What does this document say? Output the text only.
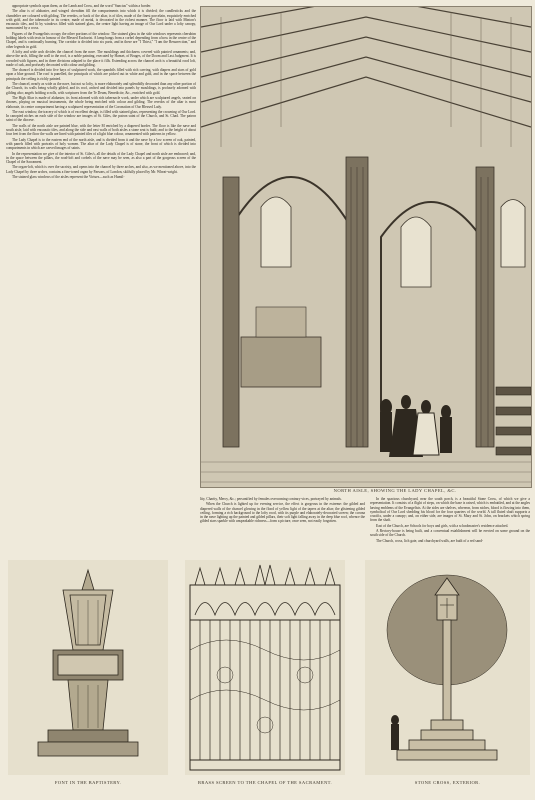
appropriate symbols upon them, as the Lamb and Cross, and the word "Sanctus" within a border.

The altar is of alabaster, and winged cherubim fill the compartments into which it is divided; the candlesticks and the chandelier are coloured with gilding. The reredos, or back of the altar, is of tiles, made of the finest porcelain, exquisitely enriched with gold, and the tabernacle in its centre, made of metal, is decorated in the richest manner. The floor is laid with Minton's encaustic tiles, and lit by windows filled with stained glass, the centre light having an image of Our Lord under a lofty canopy, surmounted by a cross.

Figures of the Evangelists occupy the other portions of the window. The stained glass in the side windows represents cherubim holding labels with texts in honour of the Blessed Eucharist. A lamp hangs from a corbel depending from a boss in the centre of the Chapel, and is continually burning. The corridor is divided into six parts, and in these are "I Thirst," "I am the Resurrection," and other legends in gold.

A lofty and wide arch divides the chancel from the nave. The mouldings and thickness covered with painted ornaments; and, above the arch, filling the wall to the roof, is a noble painting, executed by Hanset, of Bruges, of the Doom and Last Judgment. It is crowded with figures, and in three divisions adapted to the place it fills. Extending across the chancel arch is a beautiful rood loft, made of oak, and profusely decorated with colour and gilding.

The chancel is divided into five bays of sculptured work, the spandrils filled with rich carving, with diapers and stars of gold upon a blue ground. The roof is panelled, the principals of which are picked out in white and gold, and in the space between the principals the ceiling is richly painted.

The chancel, nearly as wide as the nave, but not so lofty, is more elaborately and splendidly decorated than any other portion of the Church, its walls being wholly gilded, and its roof, arched and divided into panels by mouldings, is profusely adorned with gilding also; angels holding scrolls, with scriptures from the Te Deum, Benedicite, &c., enriched with gold.

The High Altar is made of alabaster, its front adorned with rich tabernacle work, under which are sculptured angels, seated on thrones, playing on musical instruments, the whole being enriched with colour and gilding. The reredos of the altar is most elaborate, its centre compartment having a sculptured representation of the Coronation of Our Blessed Lady.

The east window, the tracery of which is of excellent design, is filled with stained glass, representing the crowning of Our Lord. In canopied niches on each side of the window are images of St. Giles, the patron saint of the Church, and St. Chad. The patron saint of the diocese.

The walls of the north aisle are painted blue, with the letter M enriched by a diapered border. The floor is like the nave and south aisle, laid with encaustic tiles, and along the side and east walls of both aisles a stone seat is built; and to the height of about four feet from the floor the walls are lined with painted tiles of a light blue colour, ornamented with patterns in yellow.

The Lady Chapel is to the eastern end of the north aisle, and is divided from it and the nave by a low screen of oak, painted, with panels filled with portraits of holy women. The altar of the Lady Chapel is of stone, the front of which is divided into compartments in which are carved images of saints.

In the representation we give of the interior of St. Giles's, all the details of the Lady Chapel and north aisle are embraced; and, in the space between the pillars, the rood-loft and corbels of the nave may be seen, as also a part of the gorgeous screen of the Chapel of the Sacrament.

The organ-loft, which is over the sacristy, and opens into the chancel by three arches, and also, as we mentioned above, into the Lady Chapel by three arches, contains a fine-toned organ by Parsons, of London, skilfully placed by Mr. Wheat-wright.

The stained glass windows of the aisles represent the Virtues—such as Humil-

NORTH AISLE, SHOWING THE LADY CHAPEL, &C.

lity, Charity, Mercy, &c.; personified by females overcoming contrary vices, portrayed by animals.

When the Church is lighted up for evening service, the effect is gorgeous in the extreme: the gilded and diapered walls of the chancel glowing in the flood of yellow light of the tapers at the altar; the glistening gilded ceiling, forming a rich background to the lofty rood, with its purple and elaborately-decorated screen; the corona in the nave lighting up the painted and gilded pillars, their soft light falling away in the deep blue roof, whence the gilded stars sparkle with unspeakable richness—form a picture, once seen, not easily forgotten.

In the spacious churchyard, near the south porch, is a beautiful Stone Cross, of which we give a representation. It consists of a flight of steps, on which the base is raised, which is embattled, and at the angles having emblems of the Evangelists. At the sides are shelves, whereon, from niches, blood is flowing into them, symbolical of Our Lord shedding his blood for the four quarters of the world. A tall fluted shaft supports a crucifix, under a canopy; and, on either side, are images of St. Mary and St. John, on brackets which spring from the shaft.

East of the Church, are Schools for boys and girls, with a schoolmaster's residence attached.

A Rectory-house is being built, and a conventual establishment will be erected on some ground on the south side of the Church.

The Church, cross, lich gate, and churchyard walls, are built of a red sand-

FONT IN THE BAPTISTERY.	BRASS SCREEN TO THE CHAPEL OF THE SACRAMENT.	STONE CROSS, EXTERIOR.
